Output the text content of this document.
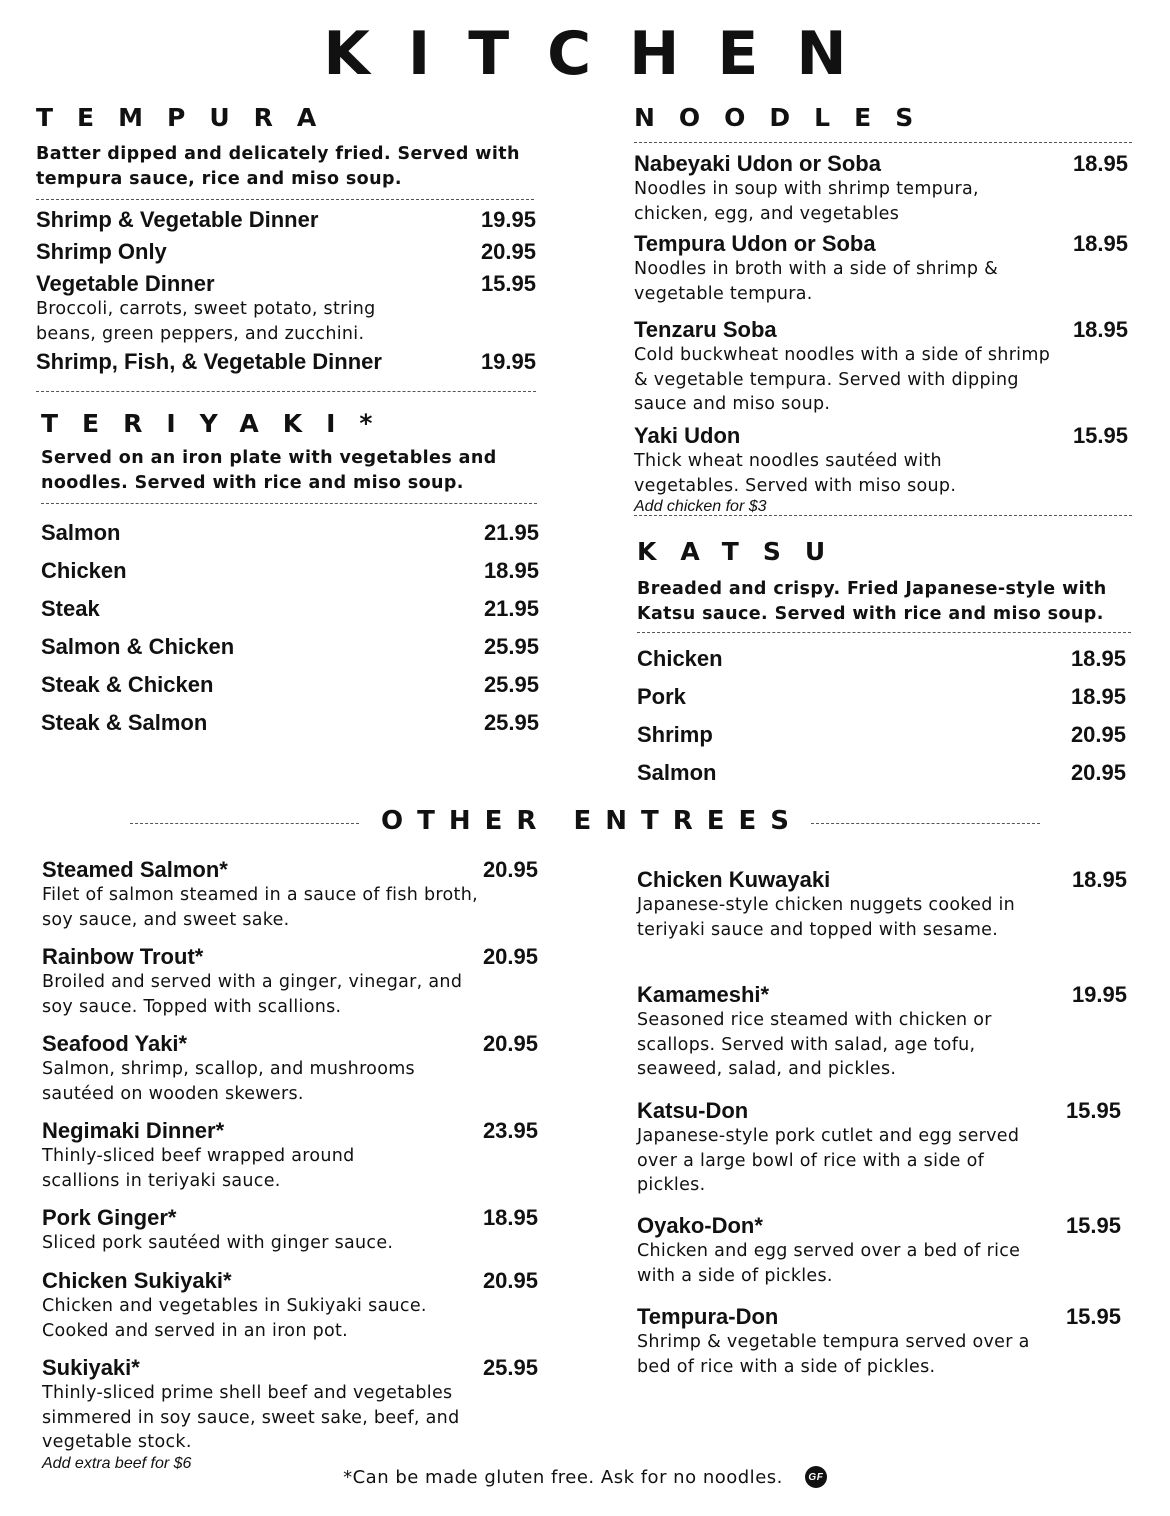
KITCHEN
TEMPURA
Batter dipped and delicately fried. Served with tempura sauce, rice and miso soup.
Shrimp & Vegetable Dinner	19.95
Shrimp Only	20.95
Vegetable Dinner	15.95
Broccoli, carrots, sweet potato, string beans, green peppers, and zucchini.
Shrimp, Fish, & Vegetable Dinner	19.95
TERIYAKI*
Served on an iron plate with vegetables and noodles. Served with rice and miso soup.
Salmon	21.95
Chicken	18.95
Steak	21.95
Salmon & Chicken	25.95
Steak & Chicken	25.95
Steak & Salmon	25.95
NOODLES
Nabeyaki Udon or Soba	18.95
Noodles in soup with shrimp tempura, chicken, egg, and vegetables
Tempura Udon or Soba	18.95
Noodles in broth with a side of shrimp & vegetable tempura.
Tenzaru Soba	18.95
Cold buckwheat noodles with a side of shrimp & vegetable tempura. Served with dipping sauce and miso soup.
Yaki Udon	15.95
Thick wheat noodles sautéed with vegetables. Served with miso soup.
Add chicken for $3
KATSU
Breaded and crispy. Fried Japanese-style with Katsu sauce. Served with rice and miso soup.
Chicken	18.95
Pork	18.95
Shrimp	20.95
Salmon	20.95
OTHER ENTREES
Steamed Salmon*	20.95
Filet of salmon steamed in a sauce of fish broth, soy sauce, and sweet sake.
Rainbow Trout*	20.95
Broiled and served with a ginger, vinegar, and soy sauce. Topped with scallions.
Seafood Yaki*	20.95
Salmon, shrimp, scallop, and mushrooms sautéed on wooden skewers.
Negimaki Dinner*	23.95
Thinly-sliced beef wrapped around scallions in teriyaki sauce.
Pork Ginger*	18.95
Sliced pork sautéed with ginger sauce.
Chicken Sukiyaki*	20.95
Chicken and vegetables in Sukiyaki sauce. Cooked and served in an iron pot.
Sukiyaki*	25.95
Thinly-sliced prime shell beef and vegetables simmered in soy sauce, sweet sake, beef, and vegetable stock.
Add extra beef for $6
Chicken Kuwayaki	18.95
Japanese-style chicken nuggets cooked in teriyaki sauce and topped with sesame.
Kamameshi*	19.95
Seasoned rice steamed with chicken or scallops. Served with salad, age tofu, seaweed, salad, and pickles.
Katsu-Don	15.95
Japanese-style pork cutlet and egg served over a large bowl of rice with a side of pickles.
Oyako-Don*	15.95
Chicken and egg served over a bed of rice with a side of pickles.
Tempura-Don	15.95
Shrimp & vegetable tempura served over a bed of rice with a side of pickles.
*Can be made gluten free. Ask for no noodles.	GF
